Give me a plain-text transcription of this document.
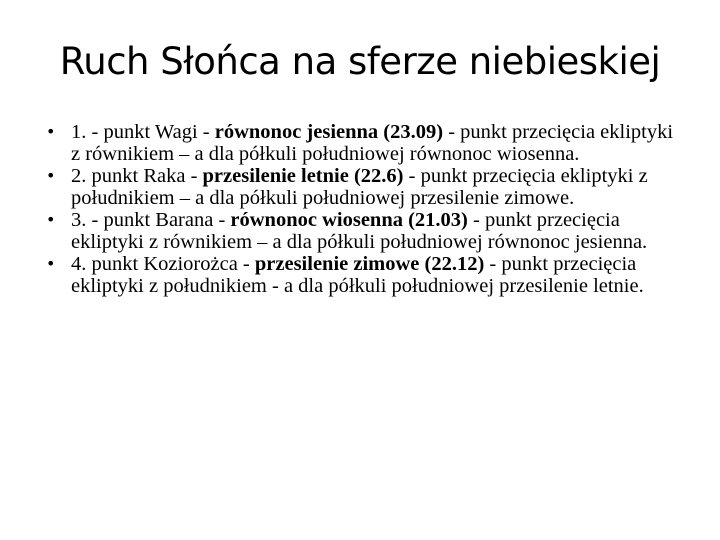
Ruch Słońca na sferze niebieskiej
• 1. - punkt Wagi - równonoc jesienna (23.09) - punkt przecięcia ekliptyki z równikiem – a dla półkuli południowej równonoc wiosenna.
• 2. punkt Raka - przesilenie letnie (22.6) - punkt przecięcia ekliptyki z południkiem – a dla półkuli południowej przesilenie zimowe.
• 3. - punkt Barana - równonoc wiosenna (21.03) - punkt przecięcia ekliptyki z równikiem – a dla półkuli południowej równonoc jesienna.
• 4. punkt Koziorożca - przesilenie zimowe (22.12) - punkt przecięcia ekliptyki z południkiem - a dla półkuli południowej przesilenie letnie.
